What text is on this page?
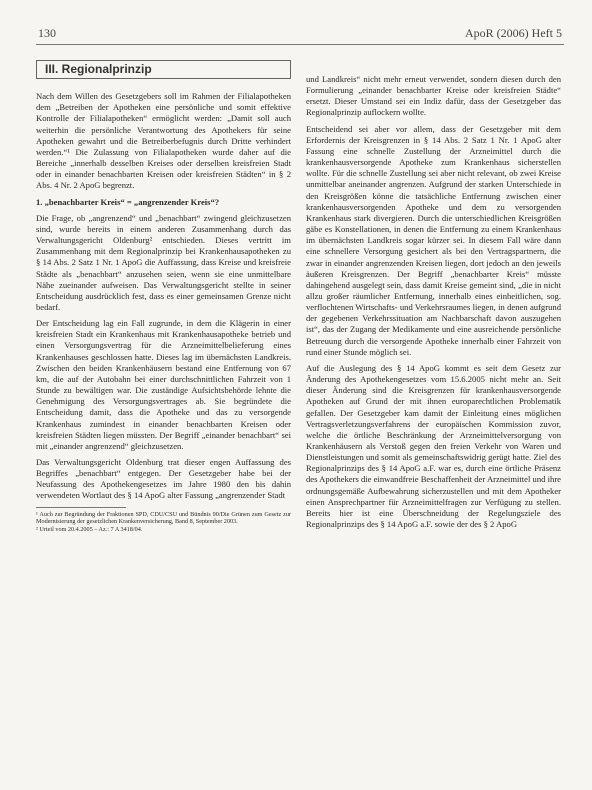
130	ApoR (2006) Heft 5
III. Regionalprinzip

Nach dem Willen des Gesetzgebers soll im Rahmen der Filialapotheken dem „Betreiben der Apotheken eine persönliche und somit effektive Kontrolle der Filialapotheken“ ermöglicht werden: „Damit soll auch weiterhin die persönliche Verantwortung des Apothekers für seine Apotheken gewahrt und die Betreiberbefugnis durch Dritte verhindert werden.“¹ Die Zulassung von Filialapotheken wurde daher auf die Bereiche „innerhalb desselben Kreises oder derselben kreisfreien Stadt oder in einander benachbarten Kreisen oder kreisfreien Städten“ in § 2 Abs. 4 Nr. 2 ApoG begrenzt.

1. „benachbarter Kreis“ = „angrenzender Kreis“?

Die Frage, ob „angrenzend“ und „benachbart“ zwingend gleichzusetzen sind, wurde bereits in einem anderen Zusammenhang durch das Verwaltungsgericht Oldenburg² entschieden. Dieses vertritt im Zusammenhang mit dem Regionalprinzip bei Krankenhausapotheken zu § 14 Abs. 2 Satz 1 Nr. 1 ApoG die Auffassung, dass Kreise und kreisfreie Städte als „benachbart“ anzusehen seien, wenn sie eine unmittelbare Nähe zueinander aufweisen. Das Verwaltungsgericht stellte in seiner Entscheidung ausdrücklich fest, dass es einer gemeinsamen Grenze nicht bedarf.

Der Entscheidung lag ein Fall zugrunde, in dem die Klägerin in einer kreisfreien Stadt ein Krankenhaus mit Krankenhausapotheke betrieb und einen Versorgungsvertrag für die Arzneimittelbelieferung eines Krankenhauses geschlossen hatte. Dieses lag im übernächsten Landkreis. Zwischen den beiden Krankenhäusern bestand eine Entfernung von 67 km, die auf der Autobahn bei einer durchschnittlichen Fahrzeit von 1 Stunde zu bewältigen war. Die zuständige Aufsichtsbehörde lehnte die Genehmigung des Versorgungsvertrages ab. Sie begründete die Entscheidung damit, dass die Apotheke und das zu versorgende Krankenhaus zumindest in einander benachbarten Kreisen oder kreisfreien Städten liegen müssten. Der Begriff „einander benachbart“ sei mit „einander angrenzend“ gleichzusetzen.

Das Verwaltungsgericht Oldenburg trat dieser engen Auffassung des Begriffes „benachbart“ entgegen. Der Gesetzgeber habe bei der Neufassung des Apothekengesetzes im Jahre 1980 den bis dahin verwendeten Wortlaut des § 14 ApoG alter Fassung „angrenzender Stadt

¹ Auch zur Begründung der Fraktionen SPD, CDU/CSU und Bündnis 90/Die Grünen zum Gesetz zur Modernisierung der gesetzlichen Krankenversicherung, Band 8, September 2003.

² Urteil vom 20.4.2005 – Az.: 7 A 3418/04.

und Landkreis“ nicht mehr erneut verwendet, sondern diesen durch den Formulierung „einander benachbarter Kreise oder kreisfreien Städte“ ersetzt. Dieser Umstand sei ein Indiz dafür, dass der Gesetzgeber das Regionalprinzip auflockern wollte.

Entscheidend sei aber vor allem, dass der Gesetzgeber mit dem Erfordernis der Kreisgrenzen in § 14 Abs. 2 Satz 1 Nr. 1 ApoG alter Fassung eine schnelle Zustellung der Arzneimittel durch die krankenhausversorgende Apotheke zum Krankenhaus sicherstellen wollte. Für die schnelle Zustellung sei aber nicht relevant, ob zwei Kreise unmittelbar aneinander angrenzen. Aufgrund der starken Unterschiede in den Kreisgrößen könne die tatsächliche Entfernung zwischen einer krankenhausversorgenden Apotheke und dem zu versorgenden Krankenhaus stark divergieren. Durch die unterschiedlichen Kreisgrößen gäbe es Konstellationen, in denen die Entfernung zu einem Krankenhaus im übernächsten Landkreis sogar kürzer sei. In diesem Fall wäre dann eine schnellere Versorgung gesichert als bei den Vertragspartnern, die zwar in einander angrenzenden Kreisen liegen, dort jedoch an den jeweils äußeren Kreisgrenzen. Der Begriff „benachbarter Kreis“ müsste dahingehend ausgelegt sein, dass damit Kreise gemeint sind, „die in nicht allzu großer räumlicher Entfernung, innerhalb eines einheitlichen, sog. verflochtenen Wirtschafts- und Verkehrsraumes liegen, in denen aufgrund der gegebenen Verkehrssituation am Nachbarschaft davon auszugehen ist“, das der Zugang der Medikamente und eine ausreichende persönliche Betreuung durch die versorgende Apotheke innerhalb einer Fahrzeit von rund einer Stunde möglich sei.

Auf die Auslegung des § 14 ApoG kommt es seit dem Gesetz zur Änderung des Apothekengesetzes vom 15.6.2005 nicht mehr an. Seit dieser Änderung sind die Kreisgrenzen für krankenhausversorgende Apotheken auf Grund der mit ihnen europarechtlichen Problematik gefallen. Der Gesetzgeber kam damit der Einleitung eines möglichen Vertragsverletzungsverfahrens der europäischen Kommission zuvor, welche die örtliche Beschränkung der Arzneimittelversorgung von Krankenhäusern als Verstoß gegen den freien Verkehr von Waren und Dienstleistungen und somit als gemeinschaftswidrig gerügt hatte. Ziel des Regionalprinzips des § 14 ApoG a.F. war es, durch eine örtliche Präsenz des Apothekers die einwandfreie Beschaffenheit der Arzneimittel und ihre ordnungsgemäße Aufbewahrung sicherzustellen und mit dem Apotheker einen Ansprechpartner für Arzneimittelfragen zur Verfügung zu stellen. Bereits hier ist eine Überschneidung der Regelungsziele des Regionalprinzips des § 14 ApoG a.F. sowie der des § 2 ApoG
